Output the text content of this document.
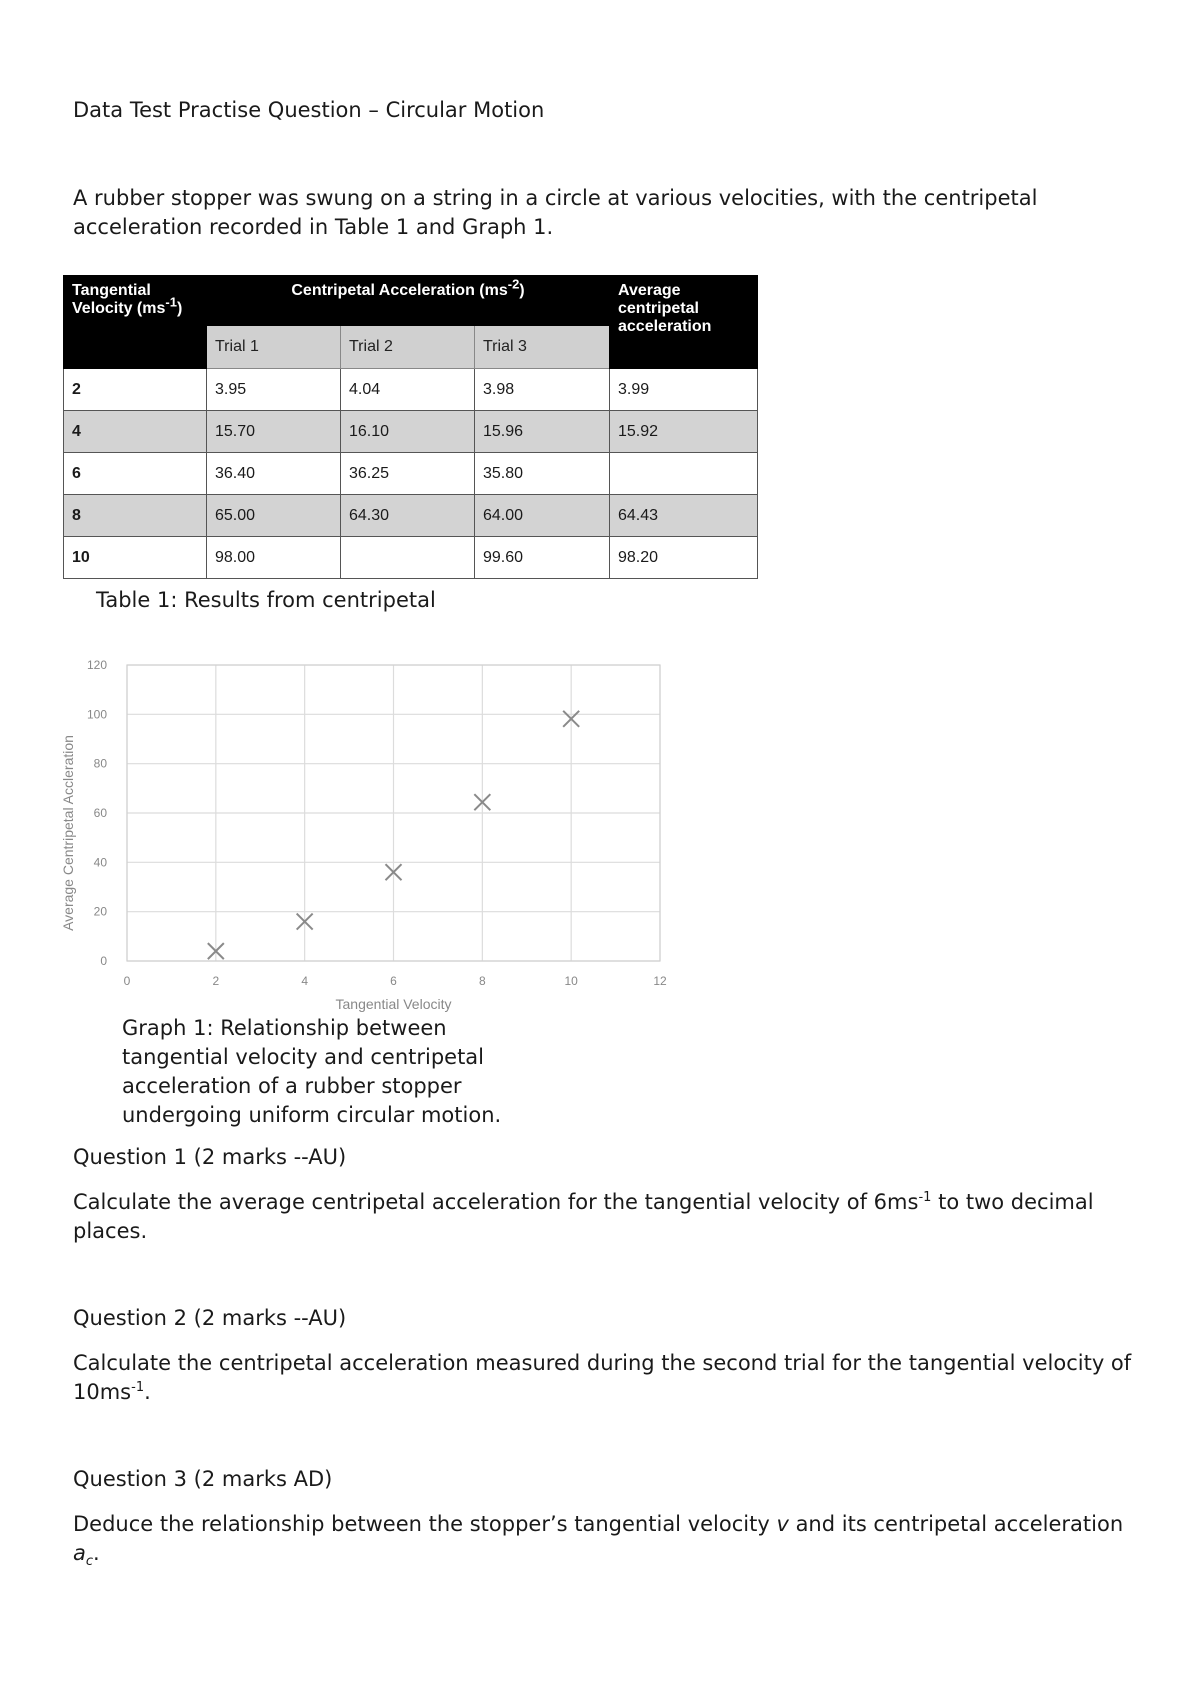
Data Test Practise Question – Circular Motion
A rubber stopper was swung on a string in a circle at various velocities, with the centripetal acceleration recorded in Table 1 and Graph 1.
Tangential Velocity $(ms^{-1})$	Centripetal Acceleration $(ms^{-2})$			Average centripetal acceleration
	Trial 1	Trial 2	Trial 3	
2	3.95	4.04	3.98	3.99
4	15.70	16.10	15.96	15.92
6	36.40	36.25	35.80	
8	65.00	64.30	64.00	64.43
10	98.00		99.60	98.20
Table 1: Results from centripetal
0	2	4	6	8	10	12
0
20
40
60
80
100
120
Tangential Velocity
Average Centripetal Accleration
Graph 1: Relationship between tangential velocity and centripetal acceleration of a rubber stopper undergoing uniform circular motion.
Question 1 (2 marks --AU)
Calculate the average centripetal acceleration for the tangential velocity of $6ms^{-1}$ to two decimal places.
Question 2 (2 marks --AU)
Calculate the centripetal acceleration measured during the second trial for the tangential velocity of $10ms^{-1}$.
Question 3 (2 marks AD)
Deduce the relationship between the stopper’s tangential velocity v and its centripetal acceleration $a_c$.
